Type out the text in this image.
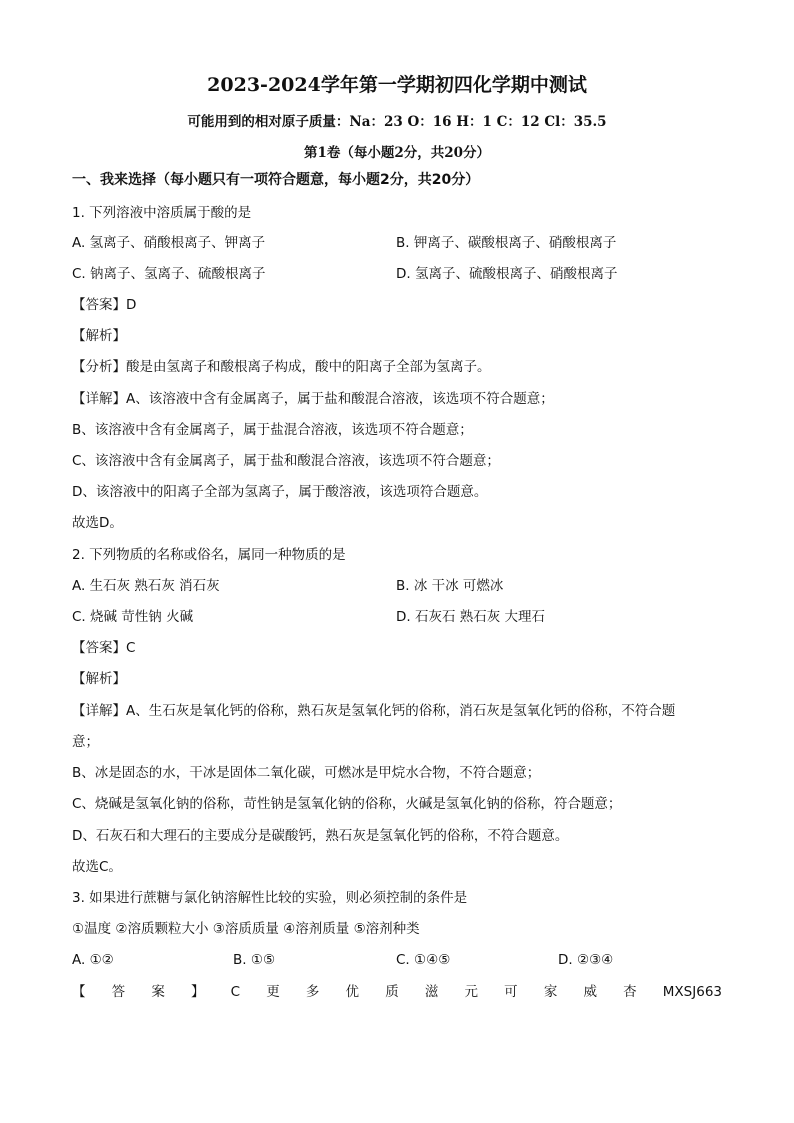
2023-2024学年第一学期初四化学期中测试
可能用到的相对原子质量：Na：23 O：16 H：1 C：12 Cl：35.5
第1卷（每小题2分，共20分）
一、我来选择（每小题只有一项符合题意，每小题2分，共20分）
1. 下列溶液中溶质属于酸的是
A. 氢离子、硝酸根离子、钾离子	B. 钾离子、碳酸根离子、硝酸根离子
C. 钠离子、氢离子、硫酸根离子	D. 氢离子、硫酸根离子、硝酸根离子
【答案】D
【解析】
【分析】酸是由氢离子和酸根离子构成，酸中的阳离子全部为氢离子。
【详解】A、该溶液中含有金属离子，属于盐和酸混合溶液，该选项不符合题意；
B、该溶液中含有金属离子，属于盐混合溶液，该选项不符合题意；
C、该溶液中含有金属离子，属于盐和酸混合溶液，该选项不符合题意；
D、该溶液中的阳离子全部为氢离子，属于酸溶液，该选项符合题意。
故选D。
2. 下列物质的名称或俗名，属同一种物质的是
A. 生石灰 熟石灰 消石灰	B. 冰 干冰 可燃冰
C. 烧碱 苛性钠 火碱	D. 石灰石 熟石灰 大理石
【答案】C
【解析】
【详解】A、生石灰是氧化钙的俗称，熟石灰是氢氧化钙的俗称，消石灰是氢氧化钙的俗称，不符合题
意；
B、冰是固态的水，干冰是固体二氧化碳，可燃冰是甲烷水合物，不符合题意；
C、烧碱是氢氧化钠的俗称，苛性钠是氢氧化钠的俗称，火碱是氢氧化钠的俗称，符合题意；
D、石灰石和大理石的主要成分是碳酸钙，熟石灰是氢氧化钙的俗称，不符合题意。
故选C。
3. 如果进行蔗糖与氯化钠溶解性比较的实验，则必须控制的条件是
①温度 ②溶质颗粒大小 ③溶质质量 ④溶剂质量 ⑤溶剂种类
A. ①②	B. ①⑤	C. ①④⑤	D. ②③④
【 答 案 】 C 更 多 优 质 滋 元 可 家 威 杏 MXSJ663
